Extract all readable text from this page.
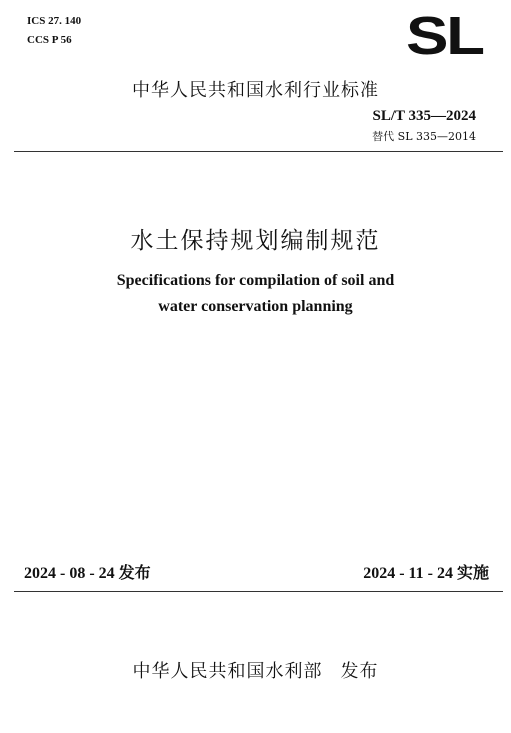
ICS 27. 140
CCS P 56	SL
中华人民共和国水利行业标准
SL/T 335—2024
替代 SL 335—2014
水土保持规划编制规范
Specifications for compilation of soil and
water conservation planning
2024 - 08 - 24 发布	2024 - 11 - 24 实施
中华人民共和国水利部 发布
